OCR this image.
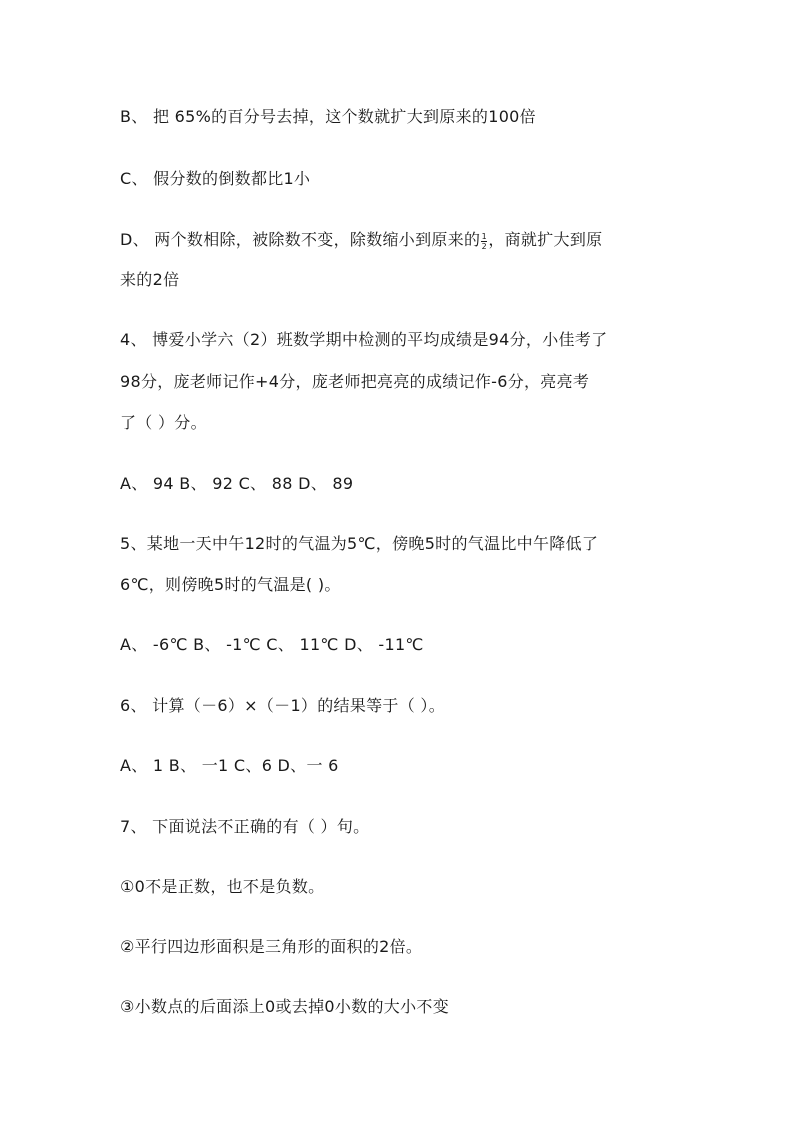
B、 把 65%的百分号去掉，这个数就扩大到原来的100倍
C、 假分数的倒数都比1小
D、 两个数相除，被除数不变，除数缩小到原来的 $\frac{1}{2}$ ，商就扩大到原
来的2倍
4、 博爱小学六（2）班数学期中检测的平均成绩是94分，小佳考了
98分，庞老师记作+4分，庞老师把亮亮的成绩记作-6分，亮亮考
了（ ）分。
A、 94 B、 92 C、 88 D、 89
5、某地一天中午12时的气温为5℃，傍晚5时的气温比中午降低了
6℃，则傍晚5时的气温是( )。
A、 -6℃ B、 -1℃ C、 11℃ D、 -11℃
6、 计算（－6）×（－1）的结果等于（ ）。
A、 1 B、 一1 C、6 D、一 6
7、 下面说法不正确的有（ ）句。
①0不是正数，也不是负数。
②平行四边形面积是三角形的面积的2倍。
③小数点的后面添上0或去掉0小数的大小不变
